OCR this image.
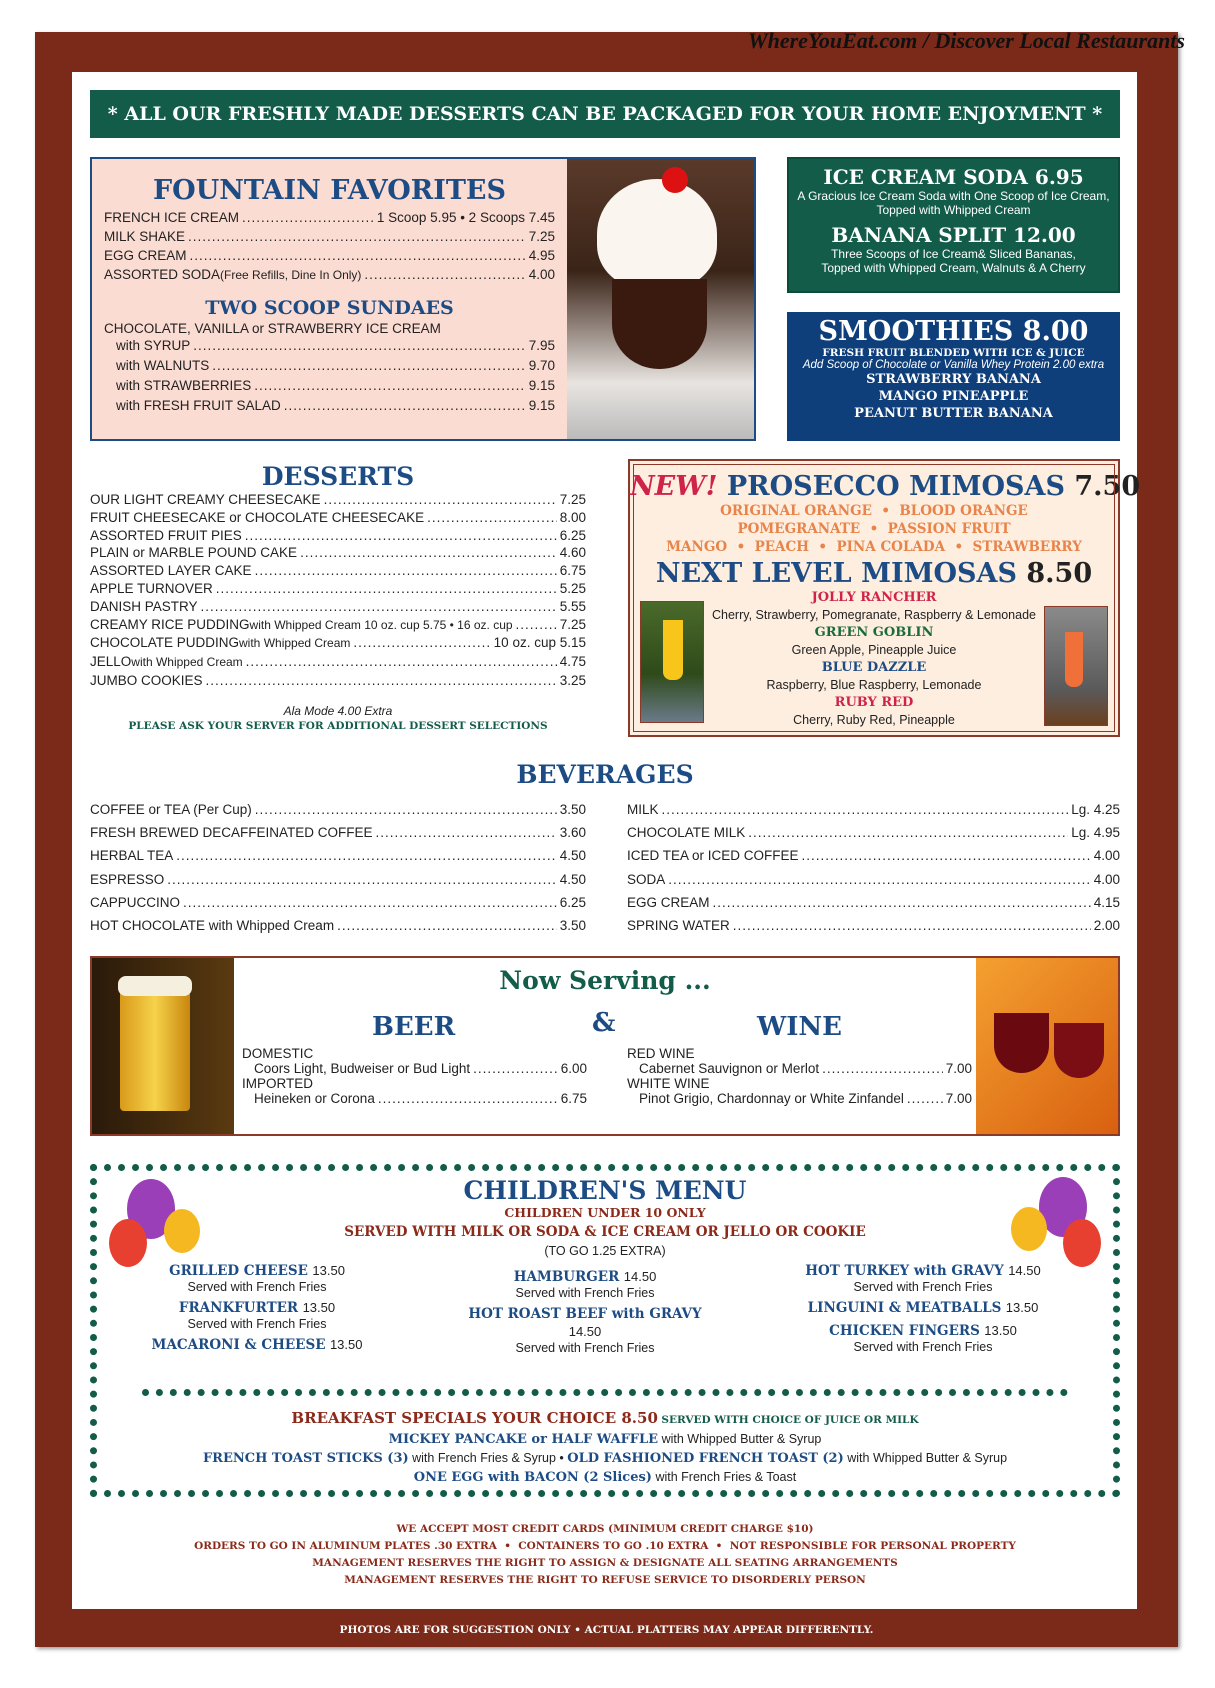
WhereYouEat.com / Discover Local Restaurants
* ALL OUR FRESHLY MADE DESSERTS CAN BE PACKAGED FOR YOUR HOME ENJOYMENT *
FOUNTAIN FAVORITES
FRENCH ICE CREAM .....	1 Scoop 5.95 • 2 Scoops 7.45
MILK SHAKE .....	7.25
EGG CREAM .....	4.95
ASSORTED SODA (Free Refills, Dine In Only) .....	4.00
TWO SCOOP SUNDAES
CHOCOLATE, VANILLA or STRAWBERRY ICE CREAM
with SYRUP .....	7.95
with WALNUTS .....	9.70
with STRAWBERRIES .....	9.15
with FRESH FRUIT SALAD .....	9.15
ICE CREAM SODA 6.95
A Gracious Ice Cream Soda with One Scoop of Ice Cream,
Topped with Whipped Cream
BANANA SPLIT 12.00
Three Scoops of Ice Cream& Sliced Bananas,
Topped with Whipped Cream, Walnuts & A Cherry
SMOOTHIES 8.00
FRESH FRUIT BLENDED WITH ICE & JUICE
Add Scoop of Chocolate or Vanilla Whey Protein 2.00 extra
STRAWBERRY BANANA
MANGO PINEAPPLE
PEANUT BUTTER BANANA
DESSERTS
OUR LIGHT CREAMY CHEESECAKE .....	7.25
FRUIT CHEESECAKE or CHOCOLATE CHEESECAKE .....	8.00
ASSORTED FRUIT PIES .....	6.25
PLAIN or MARBLE POUND CAKE .....	4.60
ASSORTED LAYER CAKE .....	6.75
APPLE TURNOVER .....	5.25
DANISH PASTRY .....	5.55
CREAMY RICE PUDDING with Whipped Cream 10 oz. cup 5.75 • 16 oz. cup .....	7.25
CHOCOLATE PUDDING with Whipped Cream .....	10 oz. cup 5.15
JELLO with Whipped Cream .....	4.75
JUMBO COOKIES .....	3.25
Ala Mode 4.00 Extra
PLEASE ASK YOUR SERVER FOR ADDITIONAL DESSERT SELECTIONS
NEW! PROSECCO MIMOSAS 7.50
ORIGINAL ORANGE  •  BLOOD ORANGE
POMEGRANATE  •  PASSION FRUIT
MANGO  •  PEACH  •  PINA COLADA  •  STRAWBERRY
NEXT LEVEL MIMOSAS 8.50
JOLLY RANCHER
Cherry, Strawberry, Pomegranate, Raspberry & Lemonade
GREEN GOBLIN
Green Apple, Pineapple Juice
BLUE DAZZLE
Raspberry, Blue Raspberry, Lemonade
RUBY RED
Cherry, Ruby Red, Pineapple
BEVERAGES
COFFEE or TEA (Per Cup) .....	3.50
FRESH BREWED DECAFFEINATED COFFEE .....	3.60
HERBAL TEA .....	4.50
ESPRESSO .....	4.50
CAPPUCCINO .....	6.25
HOT CHOCOLATE with Whipped Cream .....	3.50
MILK .....	Lg. 4.25
CHOCOLATE MILK .....	Lg. 4.95
ICED TEA or ICED COFFEE .....	4.00
SODA .....	4.00
EGG CREAM .....	4.15
SPRING WATER .....	2.00
Now Serving ...
BEER	&	WINE
DOMESTIC
Coors Light, Budweiser or Bud Light .....	6.00
IMPORTED
Heineken or Corona .....	6.75
RED WINE
Cabernet Sauvignon or Merlot .....	7.00
WHITE WINE
Pinot Grigio, Chardonnay or White Zinfandel .....	7.00
CHILDREN'S MENU
CHILDREN UNDER 10 ONLY
SERVED WITH MILK OR SODA & ICE CREAM OR JELLO OR COOKIE
(TO GO 1.25 EXTRA)
GRILLED CHEESE 13.50
Served with French Fries
FRANKFURTER 13.50
Served with French Fries
MACARONI & CHEESE 13.50
HAMBURGER 14.50
Served with French Fries
HOT ROAST BEEF with GRAVY 14.50
Served with French Fries
HOT TURKEY with GRAVY 14.50
Served with French Fries
LINGUINI & MEATBALLS 13.50
CHICKEN FINGERS 13.50
Served with French Fries
BREAKFAST SPECIALS YOUR CHOICE 8.50 SERVED WITH CHOICE OF JUICE OR MILK
MICKEY PANCAKE or HALF WAFFLE with Whipped Butter & Syrup
FRENCH TOAST STICKS (3) with French Fries & Syrup • OLD FASHIONED FRENCH TOAST (2) with Whipped Butter & Syrup
ONE EGG with BACON (2 Slices) with French Fries & Toast
WE ACCEPT MOST CREDIT CARDS (MINIMUM CREDIT CHARGE $10)
ORDERS TO GO IN ALUMINUM PLATES .30 EXTRA  •  CONTAINERS TO GO .10 EXTRA  •  NOT RESPONSIBLE FOR PERSONAL PROPERTY
MANAGEMENT RESERVES THE RIGHT TO ASSIGN & DESIGNATE ALL SEATING ARRANGEMENTS
MANAGEMENT RESERVES THE RIGHT TO REFUSE SERVICE TO DISORDERLY PERSON
PHOTOS ARE FOR SUGGESTION ONLY • ACTUAL PLATTERS MAY APPEAR DIFFERENTLY.
